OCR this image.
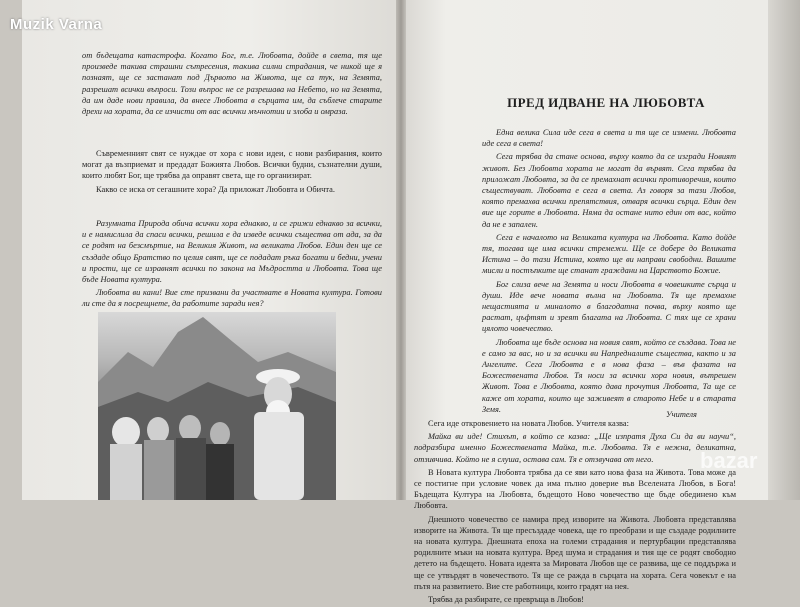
от бъдещата катастрофа. Когато Бог, т.е. Любовта, дойде в света, тя ще произведе такива страшни сътресения, такива силни страдания, че никой ще я познаят, ще се застанат под Дървото на Живота, ще са тук, на Земята, разрешат всички въпроси. Този въпрос не се разрешава на Небето, но на Земята, да им даде нови правила, да внесе Любовта в сърцата им, да съблече старите дрехи на хората, да се изчисти от вас всички мъчнотии и злоба и омраза.

Съвременният свят се нуждае от хора с нови идеи, с нови разбирания, които могат да възприемат и предадат Божията Любов. Всички будни, съзнателни души, които любят Бог, ще трябва да оправят света, ще го организират.

Какво се иска от сегашните хора? Да приложат Любовта и Обичта.

Разумната Природа обича всички хора еднакво, и се грижи еднакво за всички, и е намислила да спаси всички, решила е да изведе всички същества от ада, за да се родят на безсмъртие, на Великия Живот, на великата Любов. Един ден ще се създаде общо Братство по целия свят, ще се подадат ръка богати и бедни, учени и прости, ще се изравнят всички по закона на Мъдростта и Любовта. Това ще бъде Новата култура.

Любовта ви кани! Вие сте призвани да участвате в Новата култура. Готови ли сте да я посрещнете, да работите заради нея?

ПРЕД ИДВАНЕ НА ЛЮБОВТА

Една велика Сила иде сега в света и тя ще се измени. Любовта иде сега в света!

Сега трябва да стане основа, върху която да се изгради Новият живот. Без Любовта хората не могат да вървят. Сега трябва да приложат Любовта, за да се премахнат всички противоречия, които съществуват. Любовта е сега в света. Аз говоря за тази Любов, която премахва всички препятствия, отваря всички сърца. Един ден вие ще горите в Любовта. Няма да остане нито един от вас, който да не е запален.

Сега е началото на Великата култура на Любовта. Като дойде тя, тогава ще има всички стремежи. Ще се добере до Великата Истина – до тази Истина, която ще ви направи свободни. Вашите мисли и постъпките ще станат граждани на Царството Божие.

Бог слиза вече на Земята и носи Любовта в човешките сърца и души. Иде вече новата вълна на Любовта. Тя ще премахне нещастията и миналото в благодатна почва, върху която ще растат, цъфтят и зреят благата на Любовта. С тях ще се храни цялото човечество.

Любовта ще бъде основа на новия свят, който се създава. Това не е само за вас, но и за всички ви Напредналите същества, както и за Ангелите. Сега Любовта е в нова фаза – във фазата на Божествената Любов. Тя носи за всички хора новия, вътрешен Живот. Това е Любовта, която дава прочутия Любовта, Та ще се каже от хората, които ще заживеят в старото Небе и в старата Земя.

Учителя

Сега иде откровението на новата Любов. Учителя казва:

Майка ви иде! Стихът, в който се казва: „Ще изпратя Духа Си да ви научи“, подразбира именно Божествената Майка, т.е. Любовта. Тя е нежна, деликатна, отзивчива. Който не я слуша, остава сам. Тя е отзвучава от него.

В Новата култура Любовта трябва да се яви като нова фаза на Живота. Това може да се постигне при условие човек да има пълно доверие във Вселената Любов, в Бога! Бъдещата Култура на Любовта, бъдещото Ново човечество ще бъде обединено към Любовта.

Днешното човечество се намира пред изворите на Живота. Любовта представлява изворите на Живота. Тя ще пресъздаде човека, ще го преобрази и ще създаде родилните на новата култура. Днешната епоха на големи страдания и пертурбации представлява родилните мъки на новата култура. Вред шума и страдания и тия ще се родят свободно детето на бъдещето. Новата идеята за Мировата Любов ще се развива, ще се поддържа и ще се утвърдят в човечеството. Тя ще се ражда в сърцата на хората. Сега човекът е на пътя на развитието. Вие сте работници, които градят на нея.

Трябва да разбирате, се превръща в Любов!

Muzik Varna
bazar
